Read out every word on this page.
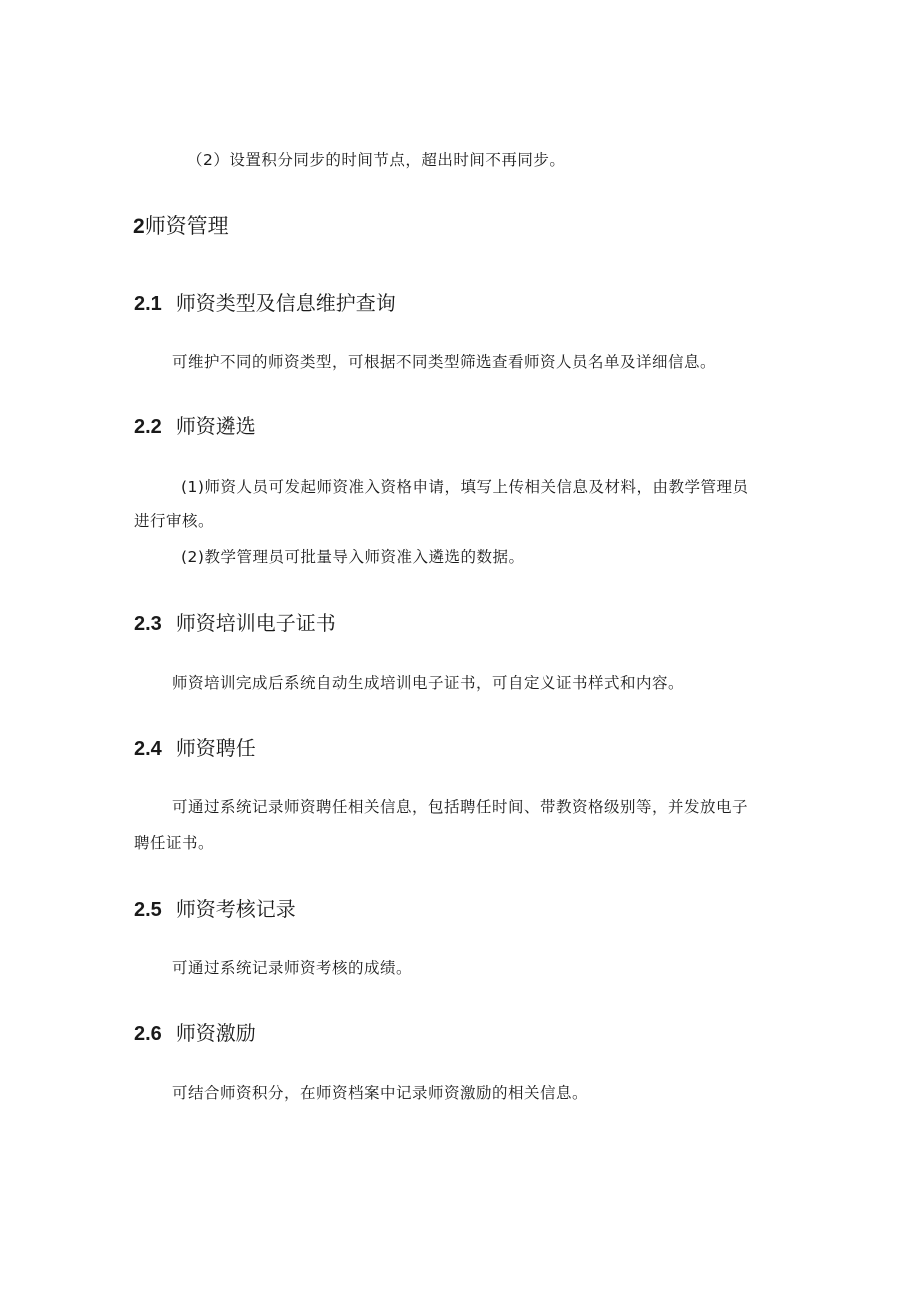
（2）设置积分同步的时间节点，超出时间不再同步。
2师资管理
2.1 师资类型及信息维护查询
可维护不同的师资类型，可根据不同类型筛选查看师资人员名单及详细信息。
2.2 师资遴选
(1)师资人员可发起师资准入资格申请，填写上传相关信息及材料，由教学管理员
进行审核。
(2)教学管理员可批量导入师资准入遴选的数据。
2.3 师资培训电子证书
师资培训完成后系统自动生成培训电子证书，可自定义证书样式和内容。
2.4 师资聘任
可通过系统记录师资聘任相关信息，包括聘任时间、带教资格级别等，并发放电子
聘任证书。
2.5 师资考核记录
可通过系统记录师资考核的成绩。
2.6 师资激励
可结合师资积分，在师资档案中记录师资激励的相关信息。
